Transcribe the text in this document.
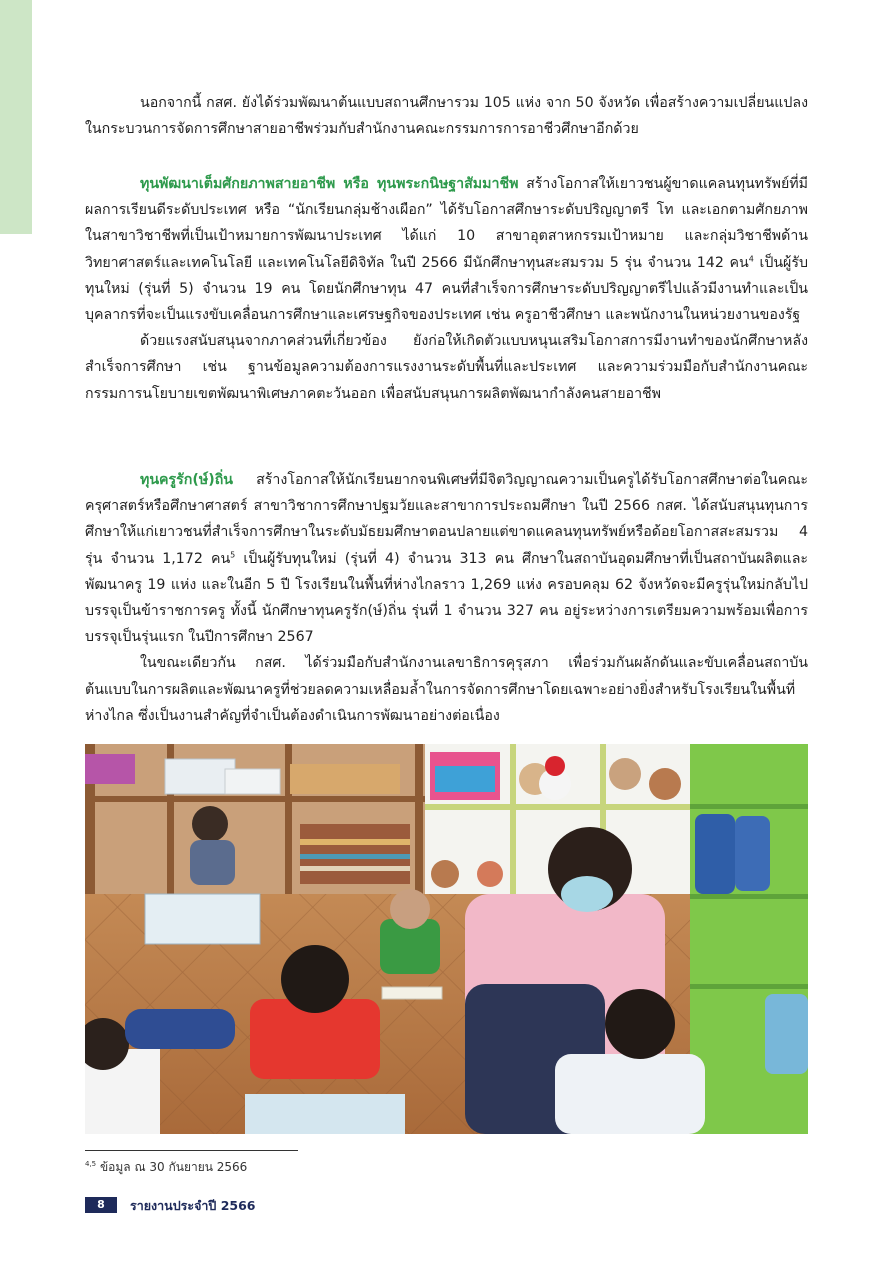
นอกจากนี้ กสศ. ยังได้ร่วมพัฒนาต้นแบบสถานศึกษารวม 105 แห่ง จาก 50 จังหวัด เพื่อสร้างความเปลี่ยนแปลงในกระบวนการจัดการศึกษาสายอาชีพร่วมกับสำนักงานคณะกรรมการการอาชีวศึกษาอีกด้วย

ทุนพัฒนาเต็มศักยภาพสายอาชีพ หรือ ทุนพระกนิษฐาสัมมาชีพ สร้างโอกาสให้เยาวชนผู้ขาดแคลนทุนทรัพย์ที่มีผลการเรียนดีระดับประเทศ หรือ “นักเรียนกลุ่มช้างเผือก” ได้รับโอกาสศึกษาระดับปริญญาตรี โท และเอกตามศักยภาพ ในสาขาวิชาชีพที่เป็นเป้าหมายการพัฒนาประเทศ ได้แก่ 10 สาขาอุตสาหกรรมเป้าหมาย และกลุ่มวิชาชีพด้านวิทยาศาสตร์และเทคโนโลยี และเทคโนโลยีดิจิทัล ในปี 2566 มีนักศึกษาทุนสะสมรวม 5 รุ่น จำนวน 142 คน$^4$ เป็นผู้รับทุนใหม่ (รุ่นที่ 5) จำนวน 19 คน โดยนักศึกษาทุน 47 คนที่สำเร็จการศึกษาระดับปริญญาตรีไปแล้วมีงานทำและเป็นบุคลากรที่จะเป็นแรงขับเคลื่อนการศึกษาและเศรษฐกิจของประเทศ เช่น ครูอาชีวศึกษา และพนักงานในหน่วยงานของรัฐ

ด้วยแรงสนับสนุนจากภาคส่วนที่เกี่ยวข้อง ยังก่อให้เกิดตัวแบบหนุนเสริมโอกาสการมีงานทำของนักศึกษาหลังสำเร็จการศึกษา เช่น ฐานข้อมูลความต้องการแรงงานระดับพื้นที่และประเทศ และความร่วมมือกับสำนักงานคณะกรรมการนโยบายเขตพัฒนาพิเศษภาคตะวันออก เพื่อสนับสนุนการผลิตพัฒนากำลังคนสายอาชีพ

ทุนครูรัก(ษ์)ถิ่น สร้างโอกาสให้นักเรียนยากจนพิเศษที่มีจิตวิญญาณความเป็นครูได้รับโอกาสศึกษาต่อในคณะครุศาสตร์หรือศึกษาศาสตร์ สาขาวิชาการศึกษาปฐมวัยและสาขาการประถมศึกษา ในปี 2566 กสศ. ได้สนับสนุนทุนการศึกษาให้แก่เยาวชนที่สำเร็จการศึกษาในระดับมัธยมศึกษาตอนปลายแต่ขาดแคลนทุนทรัพย์หรือด้อยโอกาสสะสมรวม 4 รุ่น จำนวน 1,172 คน$^5$ เป็นผู้รับทุนใหม่ (รุ่นที่ 4) จำนวน 313 คน ศึกษาในสถาบันอุดมศึกษาที่เป็นสถาบันผลิตและพัฒนาครู 19 แห่ง และในอีก 5 ปี โรงเรียนในพื้นที่ห่างไกลราว 1,269 แห่ง ครอบคลุม 62 จังหวัดจะมีครูรุ่นใหม่กลับไปบรรจุเป็นข้าราชการครู ทั้งนี้ นักศึกษาทุนครูรัก(ษ์)ถิ่น รุ่นที่ 1 จำนวน 327 คน อยู่ระหว่างการเตรียมความพร้อมเพื่อการบรรจุเป็นรุ่นแรก ในปีการศึกษา 2567

ในขณะเดียวกัน กสศ. ได้ร่วมมือกับสำนักงานเลขาธิการคุรุสภา เพื่อร่วมกันผลักดันและขับเคลื่อนสถาบันต้นแบบในการผลิตและพัฒนาครูที่ช่วยลดความเหลื่อมล้ำในการจัดการศึกษาโดยเฉพาะอย่างยิ่งสำหรับโรงเรียนในพื้นที่ห่างไกล ซึ่งเป็นงานสำคัญที่จำเป็นต้องดำเนินการพัฒนาอย่างต่อเนื่อง

$^{4,5}$ ข้อมูล ณ 30 กันยายน 2566
8	รายงานประจำปี 2566
